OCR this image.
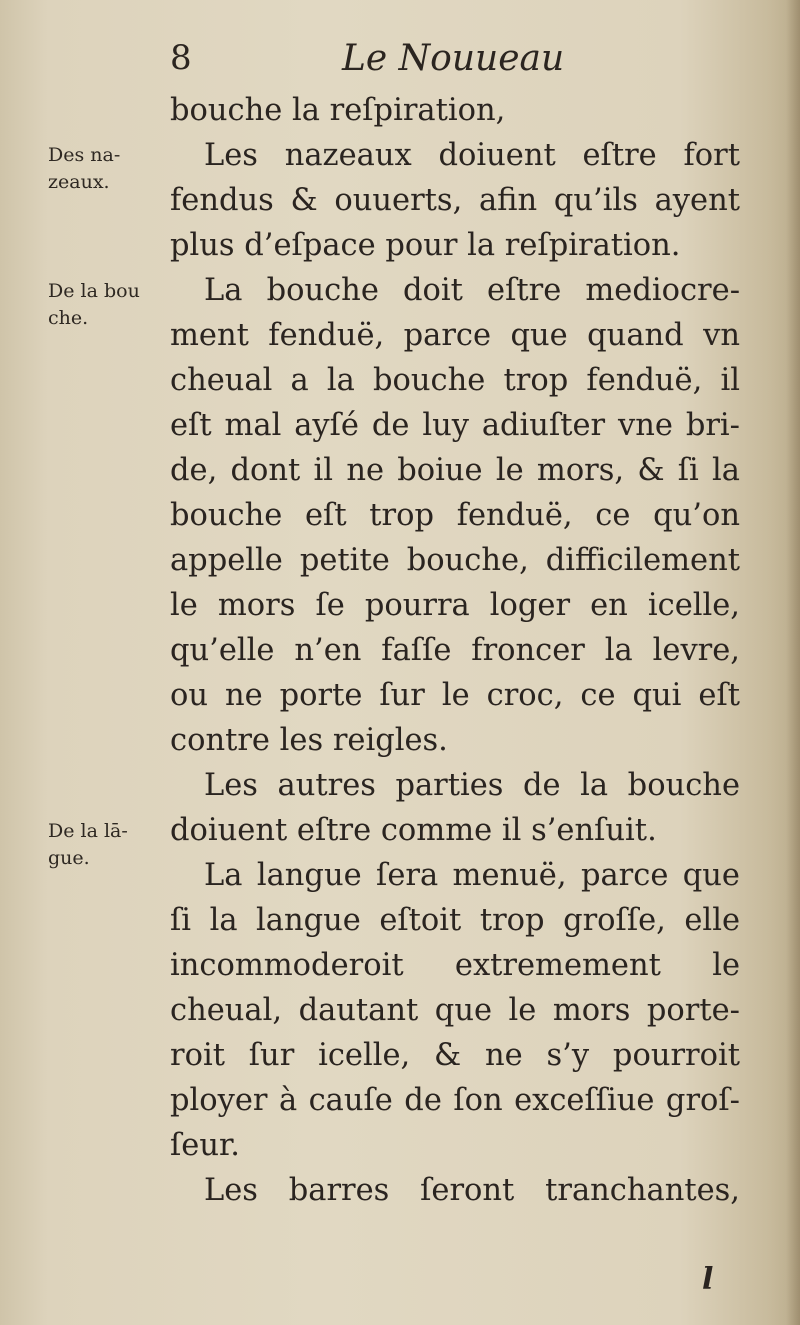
8	Le Nouueau
Des na-
zeaux.
De la bou
che.
De la lā-
gue.
bouche la reſpiration,
Les nazeaux doiuent eſtre fort
fendus & ouuerts, afin qu’ils ayent
plus d’eſpace pour la reſpiration.
La bouche doit eſtre mediocre-
ment fenduë, parce que quand vn
cheual a la bouche trop fenduë, il
eſt mal ayſé de luy adiuſter vne bri-
de, dont il ne boiue le mors, & ſi la
bouche eſt trop fenduë, ce qu’on
appelle petite bouche, difficilement
le mors ſe pourra loger en icelle,
qu’elle n’en faſſe froncer la levre,
ou ne porte ſur le croc, ce qui eſt
contre les reigles.
Les autres parties de la bouche
doiuent eſtre comme il s’enſuit.
La langue ſera menuë, parce que
ſi la langue eſtoit trop groſſe, elle
incommoderoit extremement le
cheual, dautant que le mors porte-
roit ſur icelle, & ne s’y pourroit
ployer à cauſe de ſon exceſſiue groſ-
ſeur.
Les barres ſeront tranchantes,
l
